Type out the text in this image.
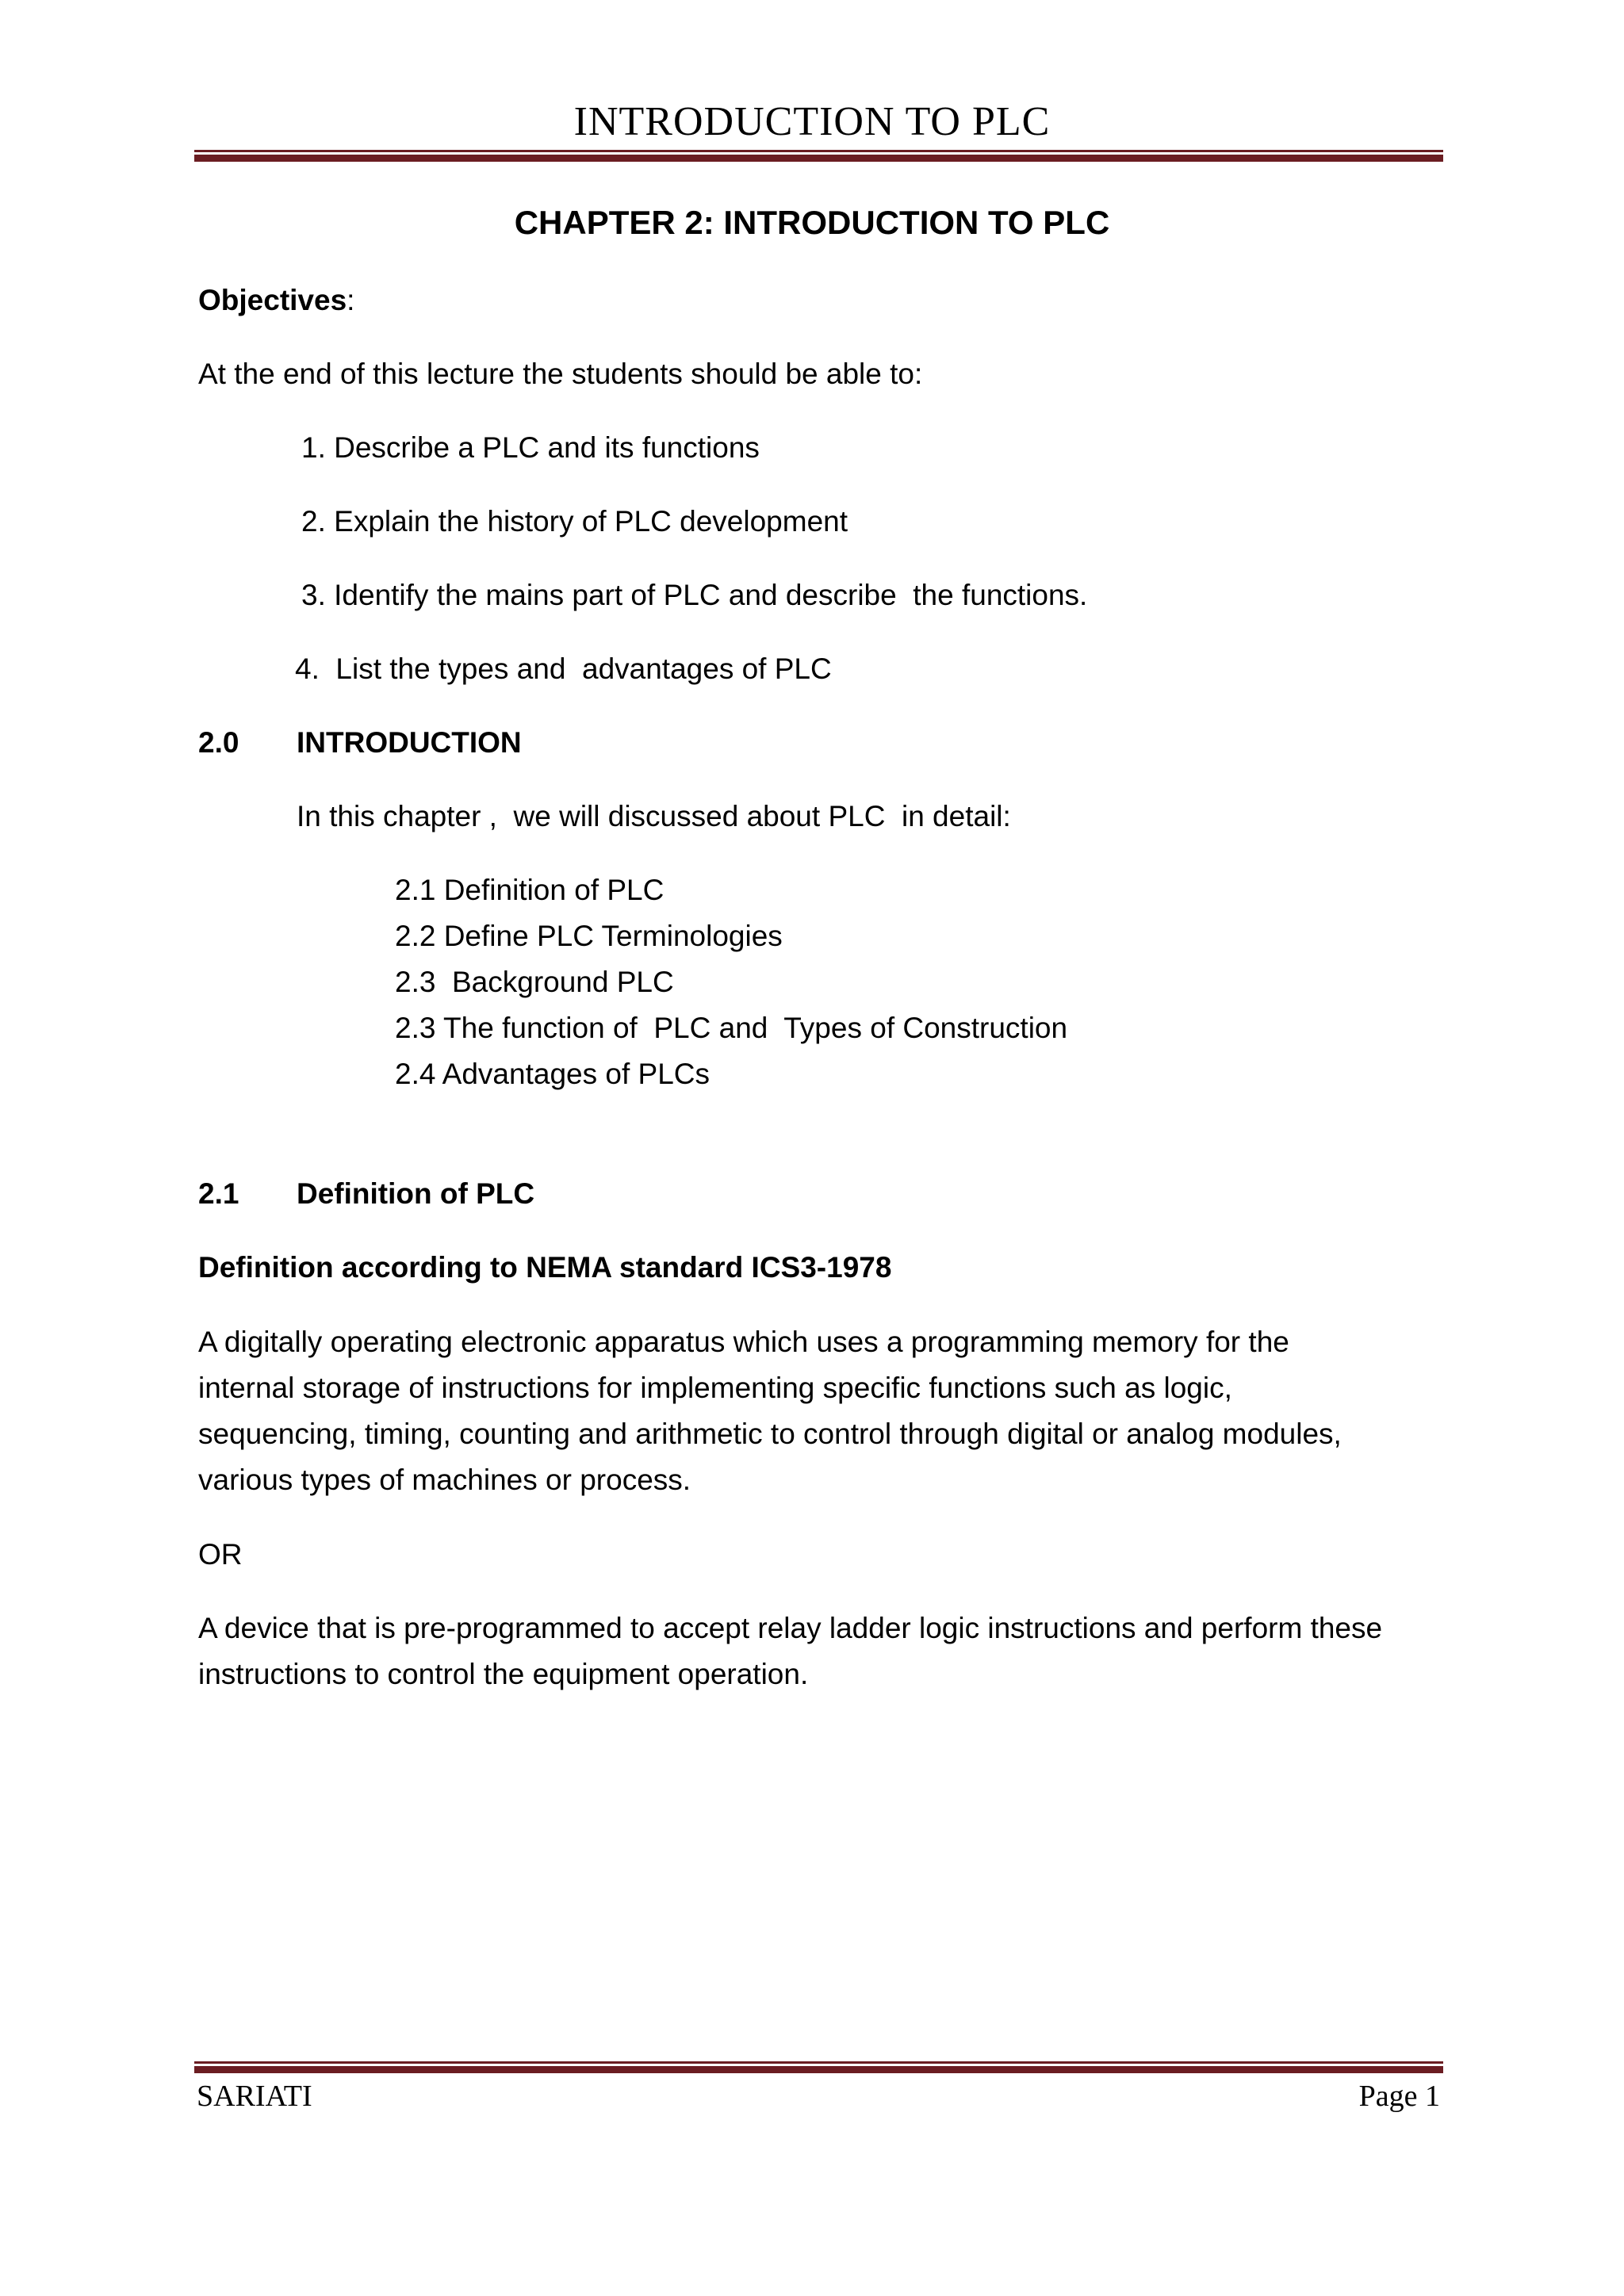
INTRODUCTION TO PLC
CHAPTER 2: INTRODUCTION TO PLC
Objectives:
At the end of this lecture the students should be able to:
1. Describe a PLC and its functions
2. Explain the history of PLC development
3. Identify the mains part of PLC and describe  the functions.
4.  List the types and  advantages of PLC
2.0 INTRODUCTION
In this chapter ,  we will discussed about PLC  in detail:
2.1 Definition of PLC
2.2 Define PLC Terminologies
2.3  Background PLC
2.3 The function of  PLC and  Types of Construction
2.4 Advantages of PLCs
2.1 Definition of PLC
Definition according to NEMA standard ICS3-1978
A digitally operating electronic apparatus which uses a programming memory for the
internal storage of instructions for implementing specific functions such as logic,
sequencing, timing, counting and arithmetic to control through digital or analog modules,
various types of machines or process.
OR
A device that is pre-programmed to accept relay ladder logic instructions and perform these
instructions to control the equipment operation.
SARIATI	Page 1
